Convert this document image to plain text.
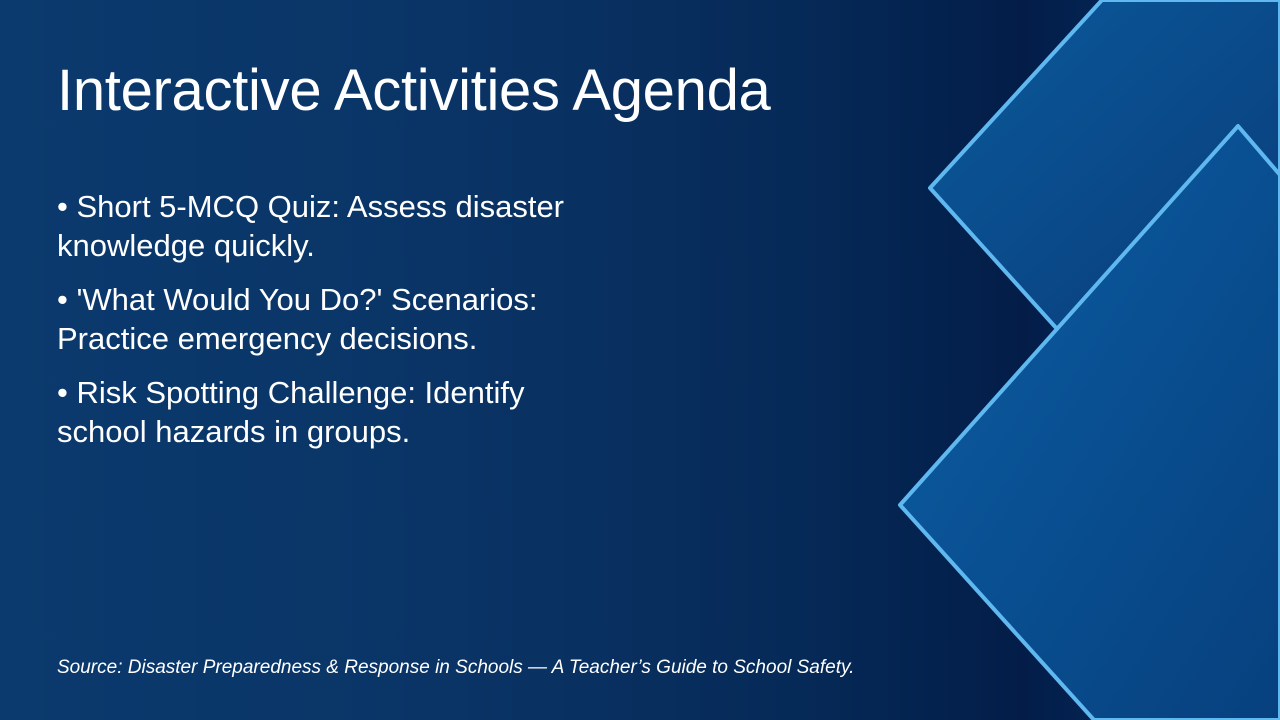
Interactive Activities Agenda
• Short 5-MCQ Quiz: Assess disaster knowledge quickly.
• 'What Would You Do?' Scenarios: Practice emergency decisions.
• Risk Spotting Challenge: Identify school hazards in groups.

Source: Disaster Preparedness & Response in Schools — A Teacher’s Guide to School Safety.
